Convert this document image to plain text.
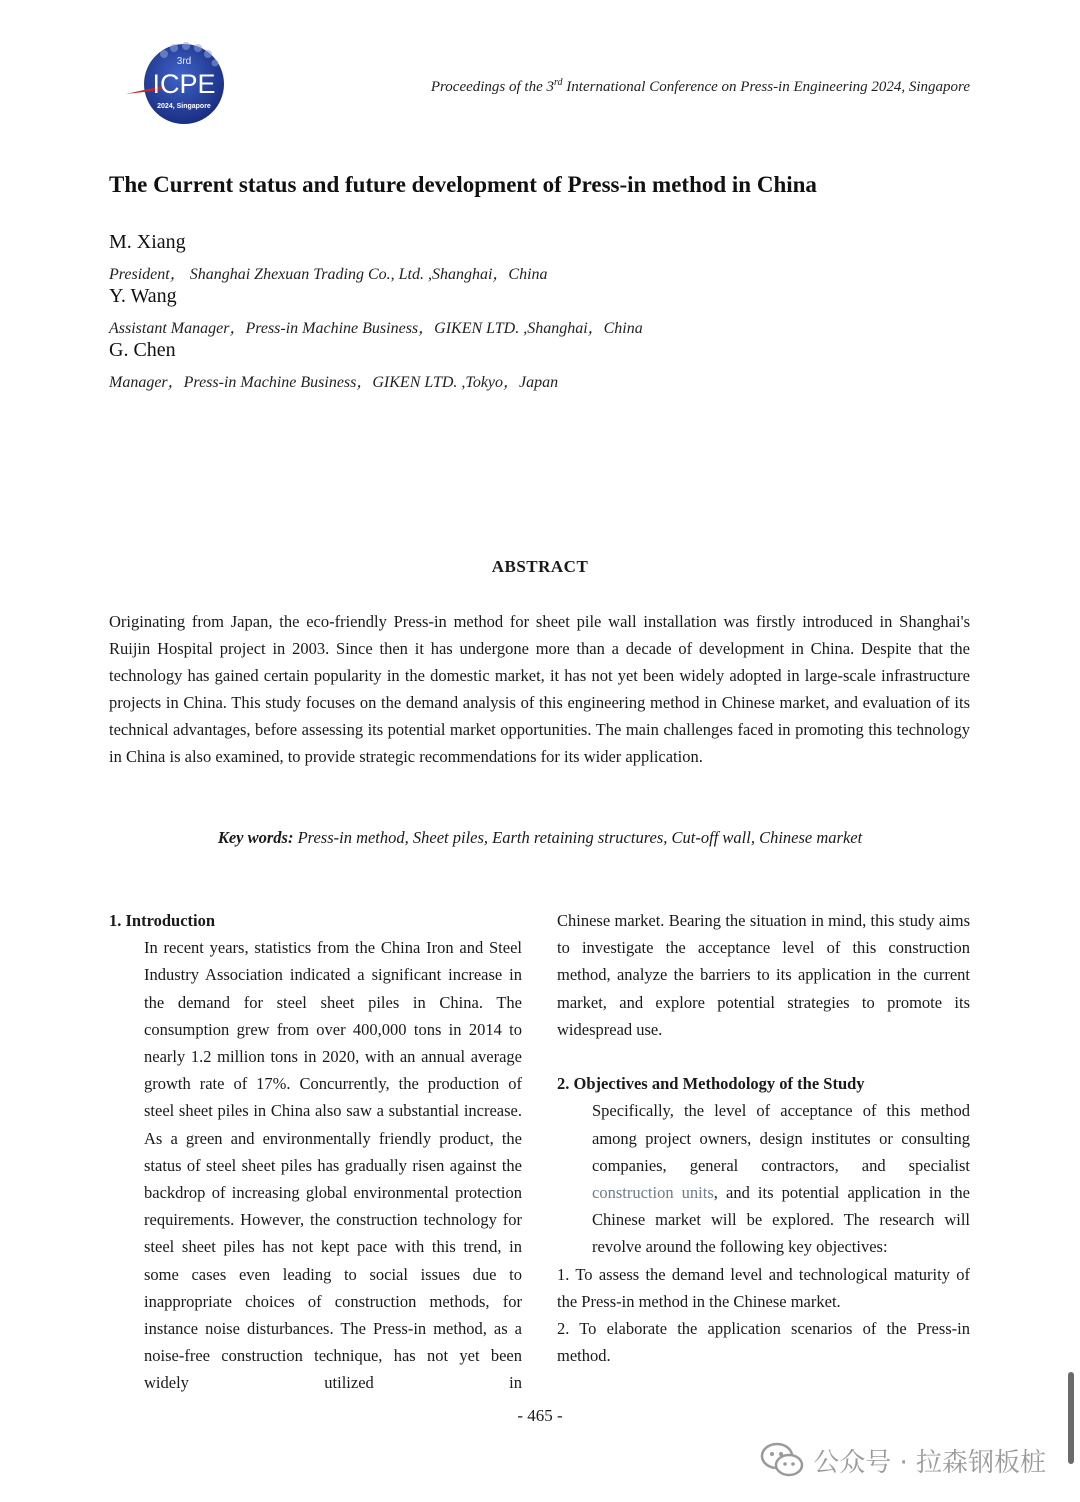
3rd
ICPE
2024, Singapore
Proceedings of the 3rd International Conference on Press-in Engineering 2024, Singapore
The Current status and future development of Press-in method in China
M. Xiang
President， Shanghai Zhexuan Trading Co., Ltd. ,Shanghai，China
Y. Wang
Assistant Manager，Press-in Machine Business，GIKEN LTD. ,Shanghai，China
G. Chen
Manager，Press-in Machine Business，GIKEN LTD. ,Tokyo，Japan
ABSTRACT

Originating from Japan, the eco-friendly Press-in method for sheet pile wall installation was firstly introduced in Shanghai's Ruijin Hospital project in 2003. Since then it has undergone more than a decade of development in China. Despite that the technology has gained certain popularity in the domestic market, it has not yet been widely adopted in large-scale infrastructure projects in China. This study focuses on the demand analysis of this engineering method in Chinese market, and evaluation of its technical advantages, before assessing its potential market opportunities. The main challenges faced in promoting this technology in China is also examined, to provide strategic recommendations for its wider application.

Key words: Press-in method, Sheet piles, Earth retaining structures, Cut-off wall, Chinese market

1. Introduction

In recent years, statistics from the China Iron and Steel Industry Association indicated a significant increase in the demand for steel sheet piles in China. The consumption grew from over 400,000 tons in 2014 to nearly 1.2 million tons in 2020, with an annual average growth rate of 17%. Concurrently, the production of steel sheet piles in China also saw a substantial increase. As a green and environmentally friendly product, the status of steel sheet piles has gradually risen against the backdrop of increasing global environmental protection requirements. However, the construction technology for steel sheet piles has not kept pace with this trend, in some cases even leading to social issues due to inappropriate choices of construction methods, for instance noise disturbances. The Press-in method, as a noise-free construction technique, has not yet been widely utilized in

Chinese market. Bearing the situation in mind, this study aims to investigate the acceptance level of this construction method, analyze the barriers to its application in the current market, and explore potential strategies to promote its widespread use.

2. Objectives and Methodology of the Study

Specifically, the level of acceptance of this method among project owners, design institutes or consulting companies, general contractors, and specialist construction units, and its potential application in the Chinese market will be explored. The research will revolve around the following key objectives:

1. To assess the demand level and technological maturity of the Press-in method in the Chinese market.

2. To elaborate the application scenarios of the Press-in method.

- 465 -
公众号 · 拉森钢板桩
